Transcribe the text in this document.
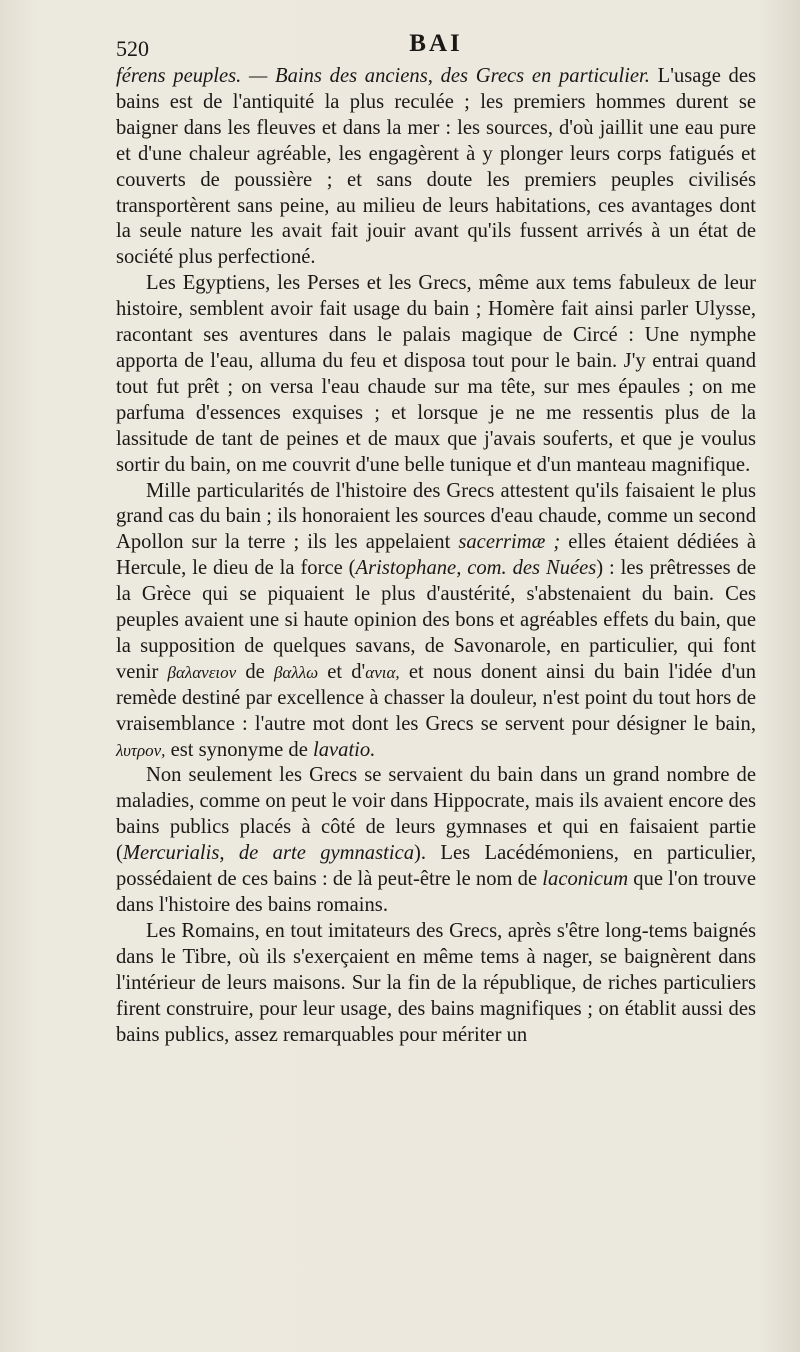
520	BAI

férens peuples. — Bains des anciens, des Grecs en particulier. L'usage des bains est de l'antiquité la plus reculée ; les premiers hommes durent se baigner dans les fleuves et dans la mer : les sources, d'où jaillit une eau pure et d'une chaleur agréable, les engagèrent à y plonger leurs corps fatigués et couverts de poussière ; et sans doute les premiers peuples civilisés transportèrent sans peine, au milieu de leurs habitations, ces avantages dont la seule nature les avait fait jouir avant qu'ils fussent arrivés à un état de société plus perfectioné.

Les Egyptiens, les Perses et les Grecs, même aux tems fabuleux de leur histoire, semblent avoir fait usage du bain ; Homère fait ainsi parler Ulysse, racontant ses aventures dans le palais magique de Circé : Une nymphe apporta de l'eau, alluma du feu et disposa tout pour le bain. J'y entrai quand tout fut prêt ; on versa l'eau chaude sur ma tête, sur mes épaules ; on me parfuma d'essences exquises ; et lorsque je ne me ressentis plus de la lassitude de tant de peines et de maux que j'avais souferts, et que je voulus sortir du bain, on me couvrit d'une belle tunique et d'un manteau magnifique.

Mille particularités de l'histoire des Grecs attestent qu'ils faisaient le plus grand cas du bain ; ils honoraient les sources d'eau chaude, comme un second Apollon sur la terre ; ils les appelaient sacerrimæ ; elles étaient dédiées à Hercule, le dieu de la force (Aristophane, com. des Nuées) : les prêtresses de la Grèce qui se piquaient le plus d'austérité, s'abstenaient du bain. Ces peuples avaient une si haute opinion des bons et agréables effets du bain, que la supposition de quelques savans, de Savonarole, en particulier, qui font venir βαλανειον de βαλλω et d'ανια, et nous donent ainsi du bain l'idée d'un remède destiné par excellence à chasser la douleur, n'est point du tout hors de vraisemblance : l'autre mot dont les Grecs se servent pour désigner le bain, λυτρον, est synonyme de lavatio.

Non seulement les Grecs se servaient du bain dans un grand nombre de maladies, comme on peut le voir dans Hippocrate, mais ils avaient encore des bains publics placés à côté de leurs gymnases et qui en faisaient partie (Mercurialis, de arte gymnastica). Les Lacédémoniens, en particulier, possédaient de ces bains : de là peut-être le nom de laconicum que l'on trouve dans l'histoire des bains romains.

Les Romains, en tout imitateurs des Grecs, après s'être long-tems baignés dans le Tibre, où ils s'exerçaient en même tems à nager, se baignèrent dans l'intérieur de leurs maisons. Sur la fin de la république, de riches particuliers firent construire, pour leur usage, des bains magnifiques ; on établit aussi des bains publics, assez remarquables pour mériter un
